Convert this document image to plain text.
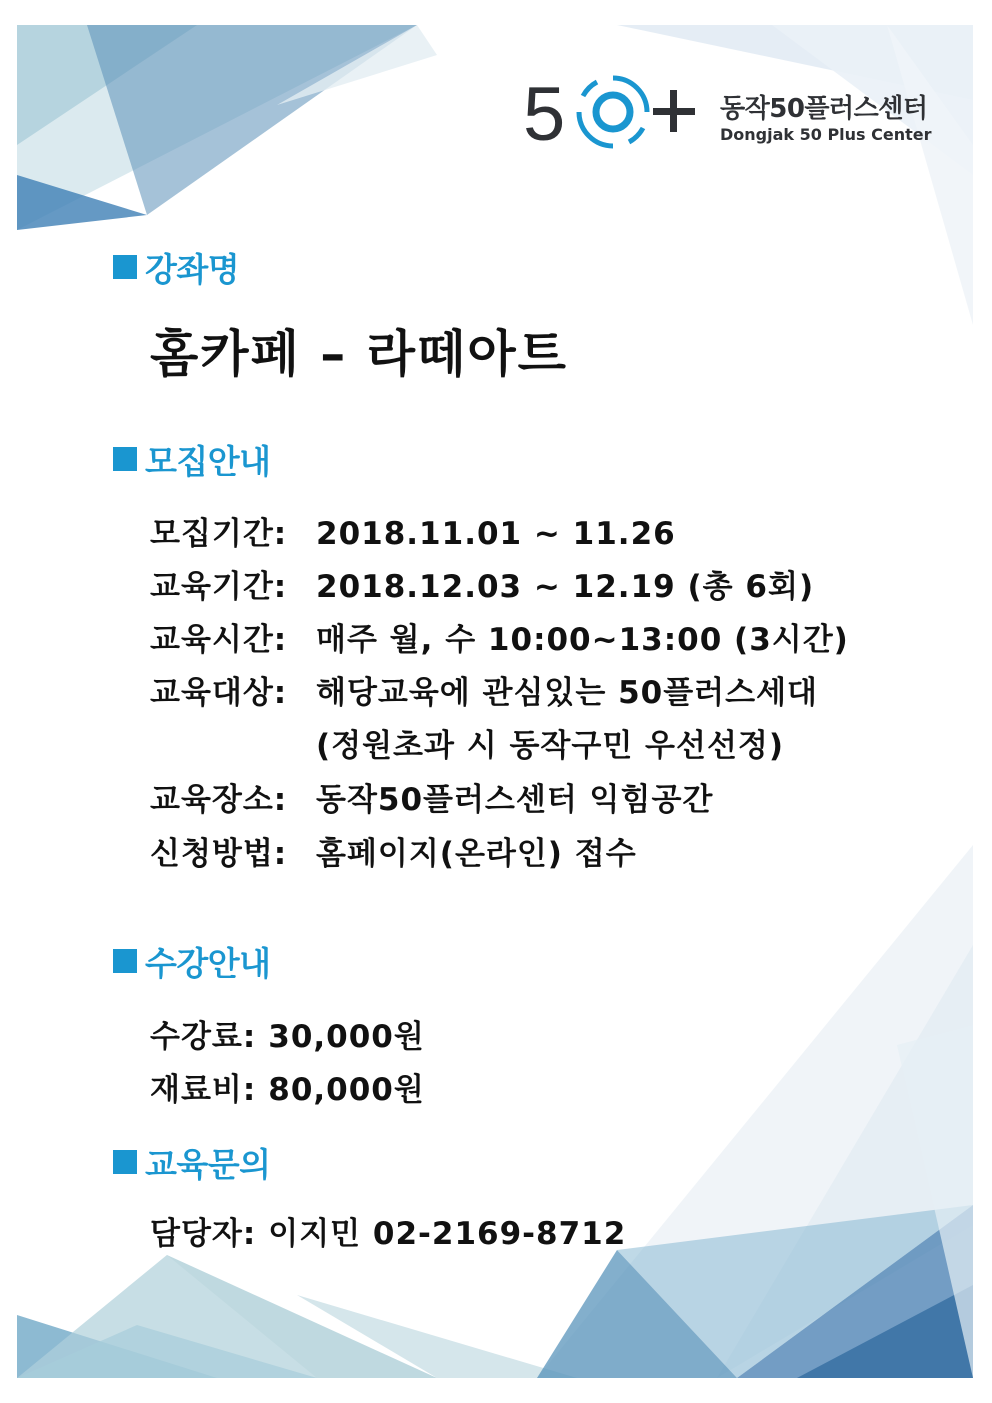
5	동작50플러스센터
Dongjak 50 Plus Center
강좌명
홈카페 – 라떼아트
모집안내
모집기간: 2018.11.01 ~ 11.26
교육기간: 2018.12.03 ~ 12.19 (총 6회)
교육시간: 매주 월, 수 10:00~13:00 (3시간)
교육대상: 해당교육에 관심있는 50플러스세대
(정원초과 시 동작구민 우선선정)
교육장소: 동작50플러스센터 익힘공간
신청방법: 홈페이지(온라인) 접수
수강안내
수강료: 30,000원
재료비: 80,000원
교육문의
담당자: 이지민 02-2169-8712
